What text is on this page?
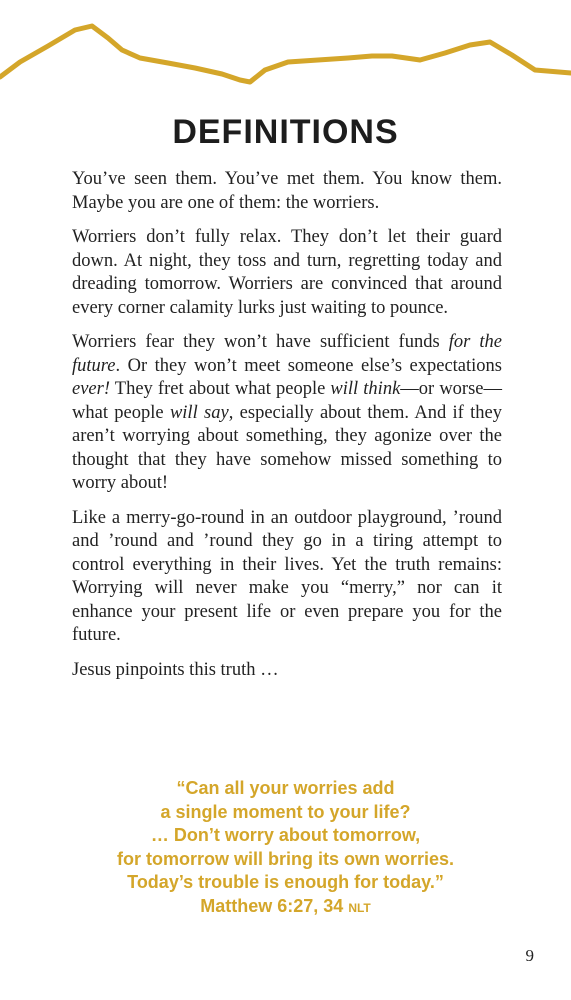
DEFINITIONS

You’ve seen them. You’ve met them. You know them. Maybe you are one of them: the worriers.

Worriers don’t fully relax. They don’t let their guard down. At night, they toss and turn, regretting today and dreading tomorrow. Worriers are convinced that around every corner calamity lurks just waiting to pounce.

Worriers fear they won’t have sufficient funds for the future. Or they won’t meet someone else’s expectations ever! They fret about what people will think—or worse—what people will say, especially about them. And if they aren’t worrying about something, they agonize over the thought that they have somehow missed something to worry about!

Like a merry-go-round in an outdoor playground, ’round and ’round and ’round they go in a tiring attempt to control everything in their lives. Yet the truth remains: Worrying will never make you “merry,” nor can it enhance your present life or even prepare you for the future.

Jesus pinpoints this truth …

“Can all your worries add
a single moment to your life?
… Don’t worry about tomorrow,
for tomorrow will bring its own worries.
Today’s trouble is enough for today.”
Matthew 6:27, 34 NLT
9
